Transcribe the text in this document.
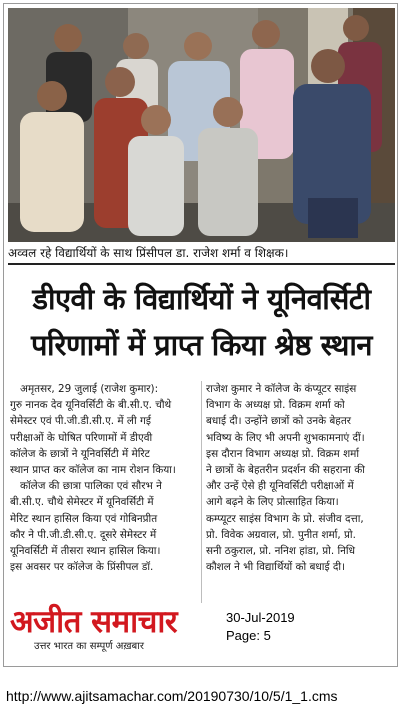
अव्वल रहे विद्यार्थियों के साथ प्रिंसीपल डा. राजेश शर्मा व शिक्षक।
डीएवी के विद्यार्थियों ने यूनिवर्सिटी
परिणामों में प्राप्त किया श्रेष्ठ स्थान
अमृतसर, 29 जुलाई (राजेश कुमार):
गुरु नानक देव यूनिवर्सिटी के बी.सी.ए. चौथे
सेमेस्टर एवं पी.जी.डी.सी.ए. में ली गई
परीक्षाओं के घोषित परिणामों में डीएवी
कॉलेज के छात्रों ने यूनिवर्सिटी में मेरिट
स्थान प्राप्त कर कॉलेज का नाम रोशन किया।
कॉलेज की छात्रा पालिका एवं सौरभ ने
बी.सी.ए. चौथे सेमेस्टर में यूनिवर्सिटी में
मेरिट स्थान हासिल किया एवं गोबिनप्रीत
कौर ने पी.जी.डी.सी.ए. दूसरे सेमेस्टर में
यूनिवर्सिटी में तीसरा स्थान हासिल किया।
इस अवसर पर कॉलेज के प्रिंसीपल डॉ.
राजेश कुमार ने कॉलेज के कंप्यूटर साइंस
विभाग के अध्यक्ष प्रो. विक्रम शर्मा को
बधाई दी। उन्होंने छात्रों को उनके बेहतर
भविष्य के लिए भी अपनी शुभकामनाएं दीं।
इस दौरान विभाग अध्यक्ष प्रो. विक्रम शर्मा
ने छात्रों के बेहतरीन प्रदर्शन की सहराना की
और उन्हें ऐसे ही यूनिवर्सिटी परीक्षाओं में
आगे बढ़ने के लिए प्रोत्साहित किया।
कम्प्यूटर साइंस विभाग के प्रो. संजीव दत्ता,
प्रो. विवेक अग्रवाल, प्रो. पुनीत शर्मा, प्रो.
सनी ठकुराल, प्रो. ननिश हांडा, प्रो. निधि
कौशल ने भी विद्यार्थियों को बधाई दी।
अजीत समाचार
उत्तर भारत का सम्पूर्ण अख़बार
30-Jul-2019
Page: 5
http://www.ajitsamachar.com/20190730/10/5/1_1.cms
